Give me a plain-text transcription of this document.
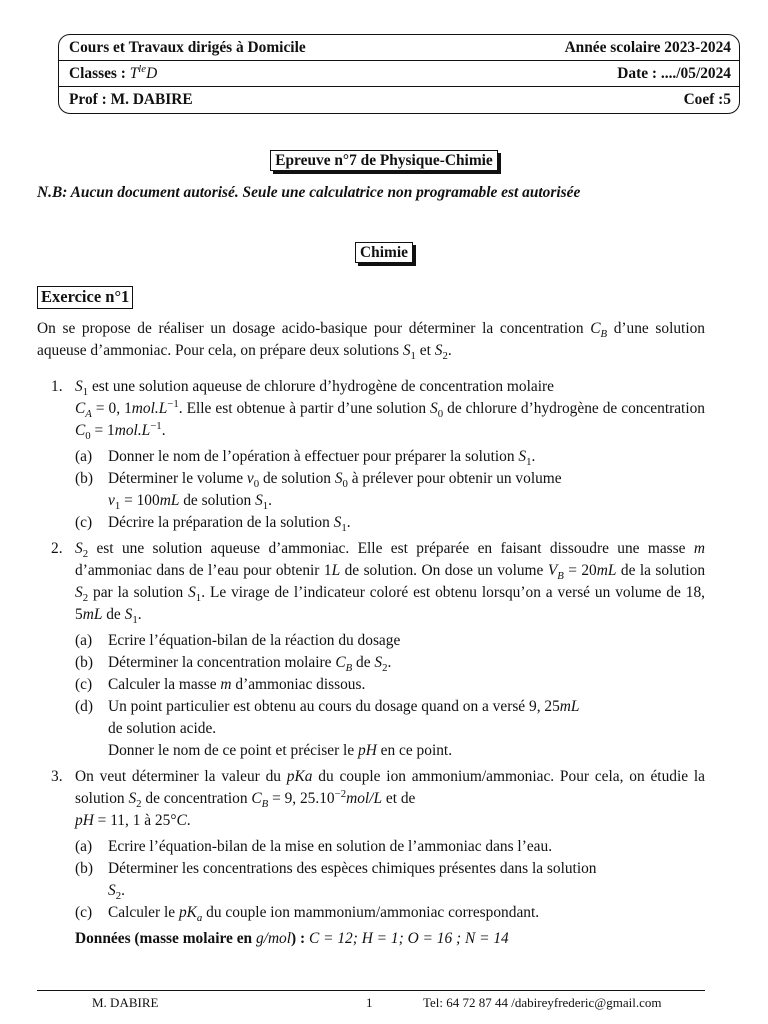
Cours et Travaux dirigés à Domicile	Année scolaire 2023-2024
Classes : $T^{le}D$	Date : ..../05/2024
Prof : M. DABIRE	Coef :5
Epreuve n°7 de Physique-Chimie
N.B: Aucun document autorisé. Seule une calculatrice non programable est autorisée
Chimie
Exercice n°1

On se propose de réaliser un dosage acido-basique pour déterminer la concentration $C_B$ d’une solution aqueuse d’ammoniac. Pour cela, on prépare deux solutions $S_1$ et $S_2$.

1. $S_1$ est une solution aqueuse de chlorure d’hydrogène de concentration molaire
$C_A = 0$, $1mol.L^{-1}$. Elle est obtenue à partir d’une solution $S_0$ de chlorure d’hydrogène de concentration $C_0 = 1mol.L^{-1}$.

(a) Donner le nom de l’opération à effectuer pour préparer la solution $S_1$.
(b) Déterminer le volume $v_0$ de solution $S_0$ à prélever pour obtenir un volume
$v_1 = 100mL$ de solution $S_1$.
(c) Décrire la préparation de la solution $S_1$.
2. $S_2$ est une solution aqueuse d’ammoniac. Elle est préparée en faisant dissoudre une masse m d’ammoniac dans de l’eau pour obtenir 1L de solution. On dose un volume $V_B = 20mL$ de la solution $S_2$ par la solution $S_1$. Le virage de l’indicateur coloré est obtenu lorsqu’on a versé un volume de 18, 5mL de $S_1$.

(a) Ecrire l’équation-bilan de la réaction du dosage
(b) Déterminer la concentration molaire $C_B$ de $S_2$.
(c) Calculer la masse m d’ammoniac dissous.
(d) Un point particulier est obtenu au cours du dosage quand on a versé 9, 25mL
de solution acide.
Donner le nom de ce point et préciser le pH en ce point.
3. On veut déterminer la valeur du pKa du couple ion ammonium/ammoniac. Pour cela, on étudie la solution $S_2$ de concentration $C_B = 9$, $25.10^{-2}mol/L$ et de
pH = 11, 1 à 25°C.

(a) Ecrire l’équation-bilan de la mise en solution de l’ammoniac dans l’eau.
(b) Déterminer les concentrations des espèces chimiques présentes dans la solution
$S_2$.
(c) Calculer le $pK_a$ du couple ion mammonium/ammoniac correspondant.
Données (masse molaire en g/mol) : C = 12; H = 1; O = 16 ; N = 14
M. DABIRE	1	Tel: 64 72 87 44 /dabireyfrederic@gmail.com
